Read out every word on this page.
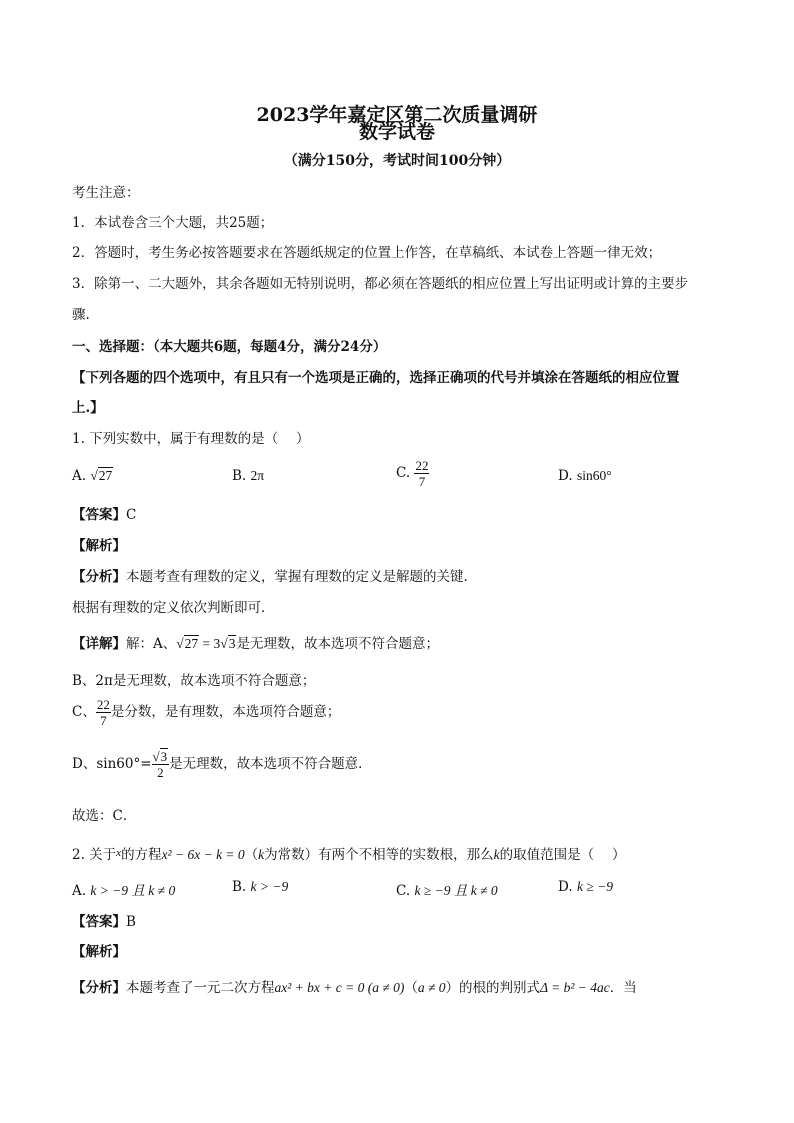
2023学年嘉定区第二次质量调研
数学试卷
（满分150分，考试时间100分钟）
考生注意：
1．本试卷含三个大题，共25题；
2．答题时，考生务必按答题要求在答题纸规定的位置上作答，在草稿纸、本试卷上答题一律无效；
3．除第一、二大题外，其余各题如无特别说明，都必须在答题纸的相应位置上写出证明或计算的主要步
骤.
一、选择题：（本大题共6题，每题4分，满分24分）
【下列各题的四个选项中，有且只有一个选项是正确的，选择正确项的代号并填涂在答题纸的相应位置
上.】
1. 下列实数中，属于有理数的是（　 ）
A. √27	B. 2π	C. $\frac{22}{7}$	D. sin60°
【答案】C
【解析】
【分析】本题考查有理数的定义，掌握有理数的定义是解题的关键．
根据有理数的定义依次判断即可．
【详解】解：A、√27 = 3√3是无理数，故本选项不符合题意；
B、2π是无理数，故本选项不符合题意；
C、 $\frac{22}{7}$ 是分数，是有理数，本选项符合题意；
D、$\sin 60^\circ= \frac{√3}{2}$ 是无理数，故本选项不符合题意．
故选：C．
2. 关于$^x$的方程x² − 6x − k = 0（k为常数）有两个不相等的实数根，那么k的取值范围是（　 ）
A. k > −9 且 k ≠ 0	B. k > −9	C. k ≥ −9 且 k ≠ 0	D. k ≥ −9
【答案】B
【解析】
【分析】本题考查了一元二次方程ax² + bx + c = 0 (a ≠ 0)（a ≠ 0）的根的判别式Δ = b² − 4ac．当
